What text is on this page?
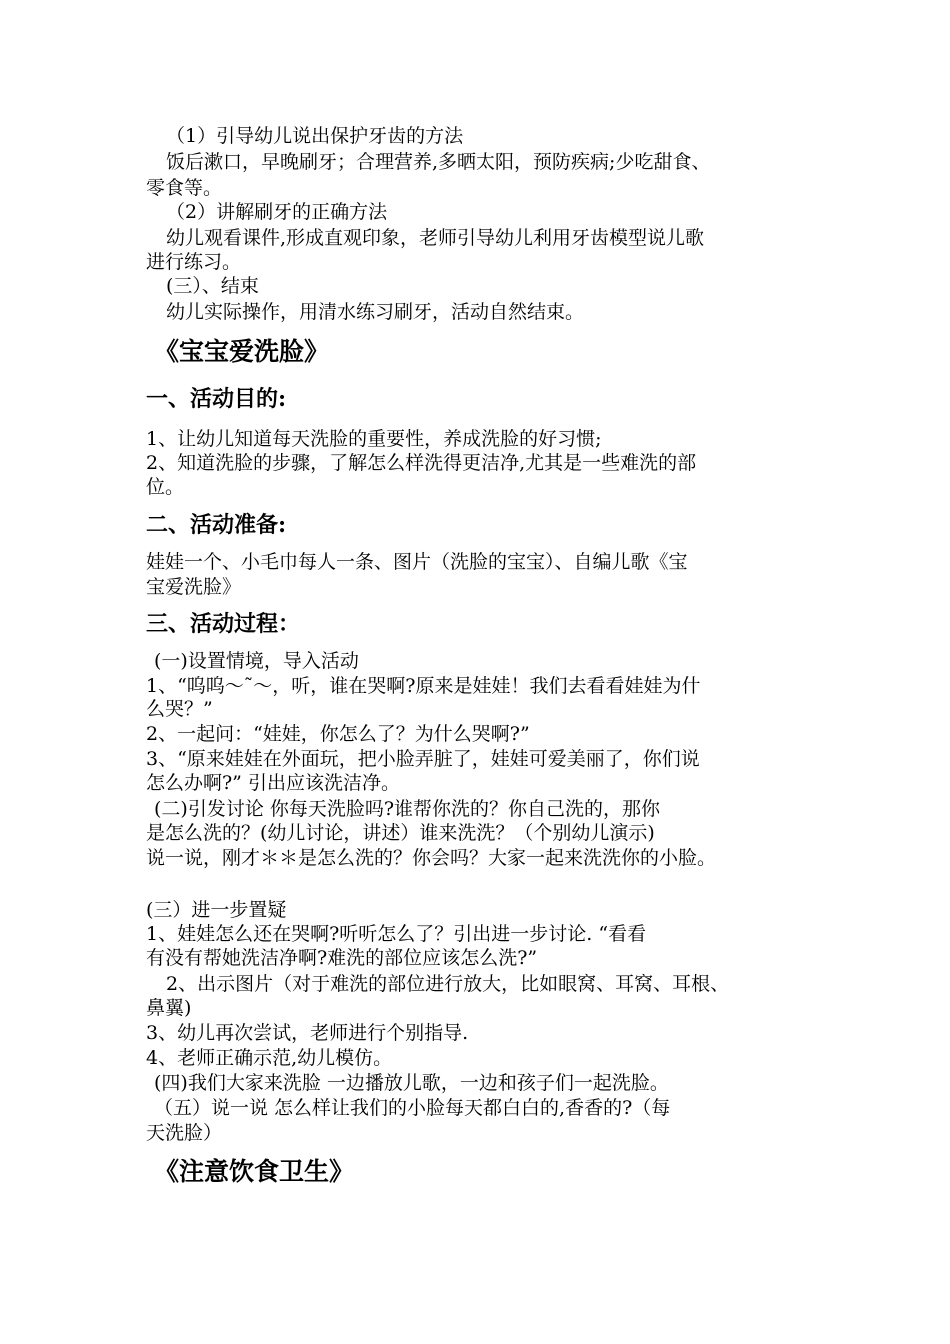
（1）引导幼儿说出保护牙齿的方法

饭后漱口，早晚刷牙；合理营养,多晒太阳，预防疾病;少吃甜食、

零食等。

（2）讲解刷牙的正确方法

幼儿观看课件,形成直观印象，老师引导幼儿利用牙齿模型说儿歌

进行练习。

(三）、结束

幼儿实际操作，用清水练习刷牙，活动自然结束。

《宝宝爱洗脸》
一、活动目的:

1、让幼儿知道每天洗脸的重要性，养成洗脸的好习惯;

2、知道洗脸的步骤，了解怎么样洗得更洁净,尤其是一些难洗的部

位。

二、活动准备:

娃娃一个、小毛巾每人一条、图片（洗脸的宝宝）、自编儿歌《宝

宝爱洗脸》

三、活动过程：

(一)设置情境，导入活动

1、“呜呜～˜～，听，谁在哭啊?原来是娃娃！我们去看看娃娃为什

么哭？”

2、一起问：“娃娃，你怎么了？为什么哭啊?”

3、“原来娃娃在外面玩，把小脸弄脏了，娃娃可爱美丽了，你们说

怎么办啊?” 引出应该洗洁净。

(二)引发讨论 你每天洗脸吗?谁帮你洗的？你自己洗的，那你

是怎么洗的？(幼儿讨论，讲述）谁来洗洗？（个别幼儿演示)

说一说，刚才＊＊是怎么洗的？你会吗？大家一起来洗洗你的小脸。

(三）进一步置疑

1、娃娃怎么还在哭啊?听听怎么了？引出进一步讨论. “看看

有没有帮她洗洁净啊?难洗的部位应该怎么洗?”

2、出示图片（对于难洗的部位进行放大，比如眼窝、耳窝、耳根、

鼻翼)

3、幼儿再次尝试，老师进行个别指导.

4、老师正确示范,幼儿模仿。

(四)我们大家来洗脸 一边播放儿歌，一边和孩子们一起洗脸。

（五）说一说 怎么样让我们的小脸每天都白白的,香香的?（每

天洗脸）

《注意饮食卫生》
